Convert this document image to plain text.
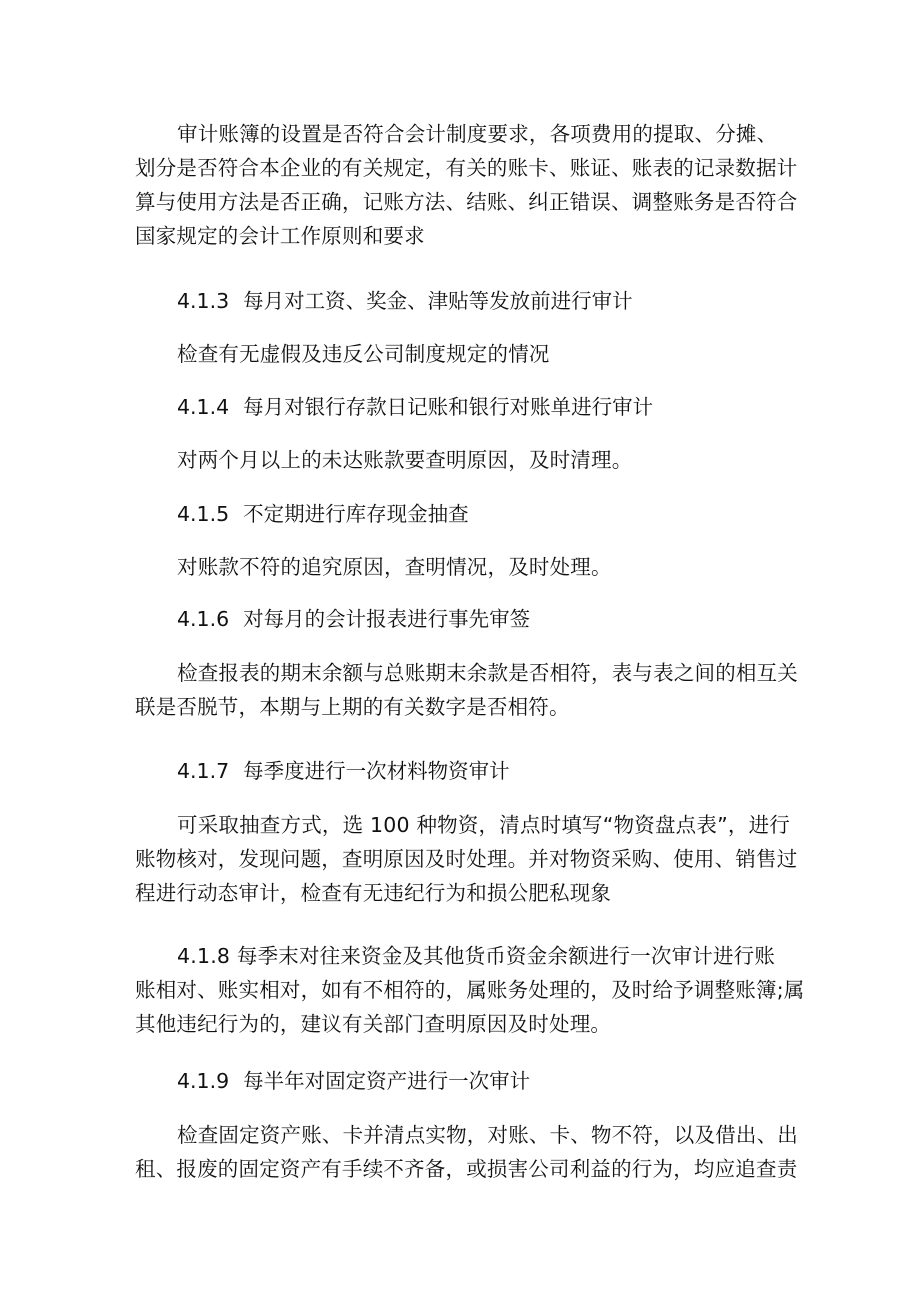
审计账簿的设置是否符合会计制度要求，各项费用的提取、分摊、
划分是否符合本企业的有关规定，有关的账卡、账证、账表的记录数据计
算与使用方法是否正确，记账方法、结账、纠正错误、调整账务是否符合
国家规定的会计工作原则和要求

4.1.3 每月对工资、奖金、津贴等发放前进行审计

检查有无虚假及违反公司制度规定的情况

4.1.4 每月对银行存款日记账和银行对账单进行审计

对两个月以上的未达账款要查明原因，及时清理。

4.1.5 不定期进行库存现金抽查

对账款不符的追究原因，查明情况，及时处理。

4.1.6 对每月的会计报表进行事先审签

检查报表的期末余额与总账期末余款是否相符，表与表之间的相互关
联是否脱节，本期与上期的有关数字是否相符。

4.1.7 每季度进行一次材料物资审计

可采取抽查方式，选 100 种物资，清点时填写“物资盘点表”，进行
账物核对，发现问题，查明原因及时处理。并对物资采购、使用、销售过
程进行动态审计，检查有无违纪行为和损公肥私现象

4.1.8 每季末对往来资金及其他货币资金余额进行一次审计进行账
账相对、账实相对，如有不相符的，属账务处理的，及时给予调整账簿;属
其他违纪行为的，建议有关部门查明原因及时处理。

4.1.9 每半年对固定资产进行一次审计

检查固定资产账、卡并清点实物，对账、卡、物不符，以及借出、出
租、报废的固定资产有手续不齐备，或损害公司利益的行为，均应追查责
